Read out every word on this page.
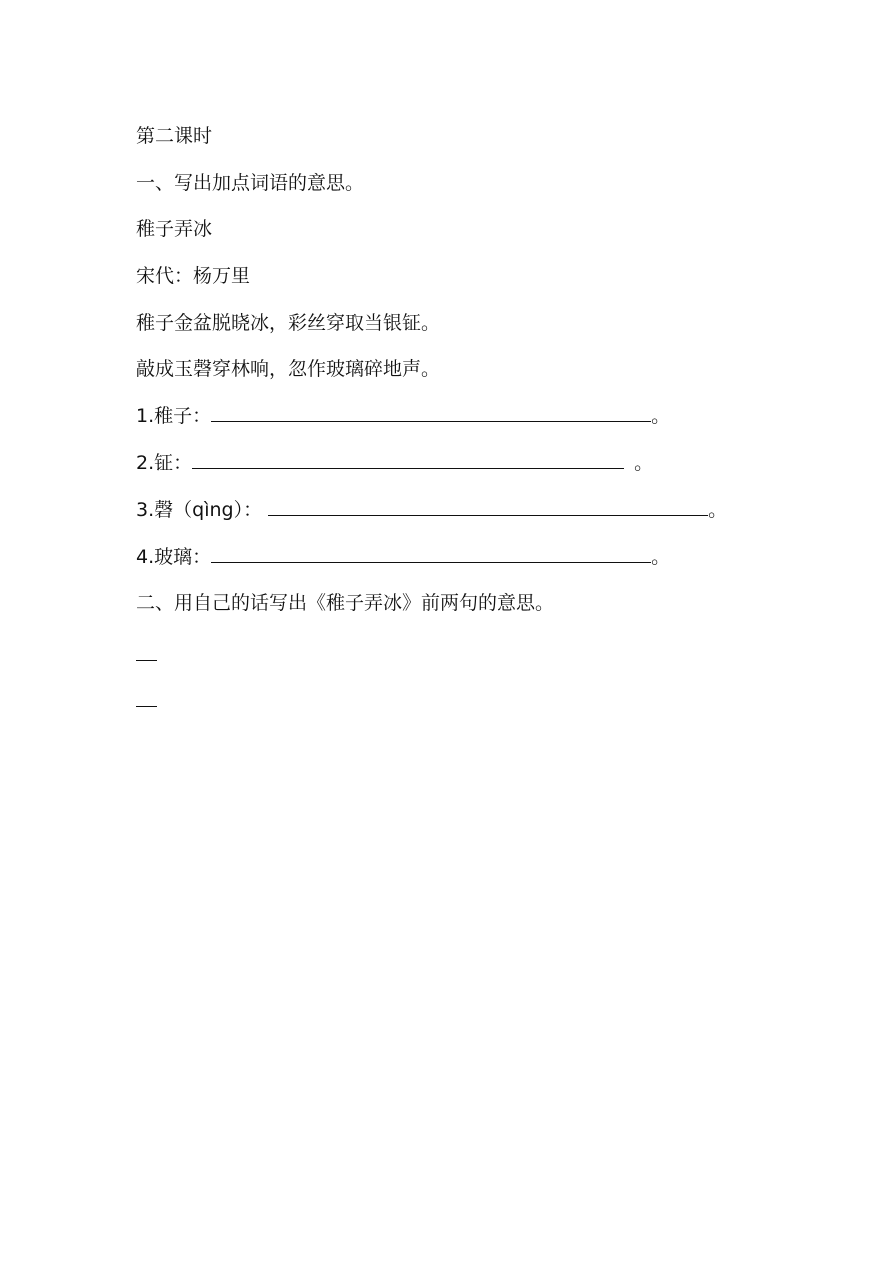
第二课时
一、写出加点词语的意思。
稚子弄冰
宋代：杨万里
稚子金盆脱晓冰，彩丝穿取当银钲。
敲成玉磬穿林响，忽作玻璃碎地声。
1.稚子：	。
2.钲：	。
3.磬（qìng）：	。
4.玻璃：	。
二、用自己的话写出《稚子弄冰》前两句的意思。
